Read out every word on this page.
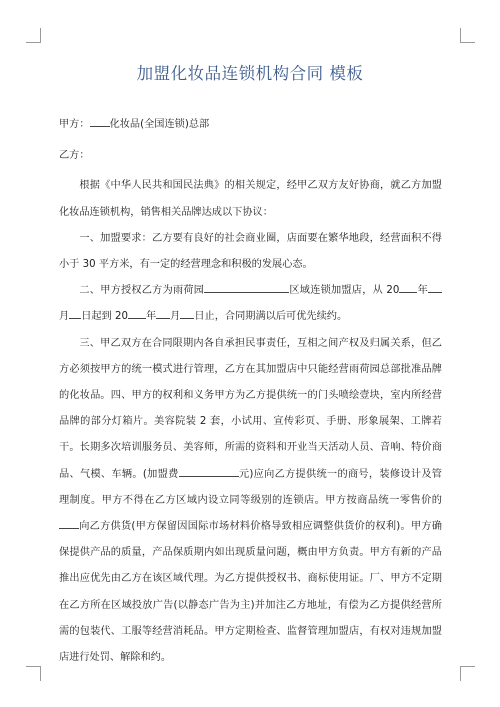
加盟化妆品连锁机构合同 模板

甲方： 化妆品(全国连锁)总部

乙方：

根据《中华人民共和国民法典》的相关规定，经甲乙双方友好协商，就乙方加盟化妆品连锁机构，销售相关品牌达成以下协议：

一、加盟要求：乙方要有良好的社会商业圈，店面要在繁华地段，经营面积不得小于 30 平方米，有一定的经营理念和积极的发展心态。

二、甲方授权乙方为雨荷园	区域连锁加盟店，从 20 年月 日起到 20 年 月 日止，合同期满以后可优先续约。

三、甲乙双方在合同限期内各自承担民事责任，互相之间产权及归属关系，但乙方必须按甲方的统一模式进行管理，乙方在其加盟店中只能经营雨荷园总部批准品牌的化妆品。四、甲方的权利和义务甲方为乙方提供统一的门头喷绘壹块，室内所经营品牌的部分灯箱片。美容院装 2 套，小试用、宣传彩页、手册、形象展架、工牌若干。长期多次培训服务员、美容师，所需的资料和开业当天活动人员、音响、特价商品、气模、车辆。(加盟费	元)应向乙方提供统一的商号，装修设计及管理制度。甲方不得在乙方区域内设立同等级别的连锁店。甲方按商品统一零售价的向乙方供货(甲方保留因国际市场材料价格导致相应调整供货价的权利)。甲方确保提供产品的质量，产品保质期内如出现质量问题，概由甲方负责。甲方有新的产品推出应优先由乙方在该区域代理。为乙方提供授权书、商标使用证。厂、甲方不定期在乙方所在区域投放广告(以静态广告为主)并加注乙方地址，有偿为乙方提供经营所需的包装代、工服等经营消耗品。甲方定期检查、监督管理加盟店，有权对违规加盟店进行处罚、解除和约。
